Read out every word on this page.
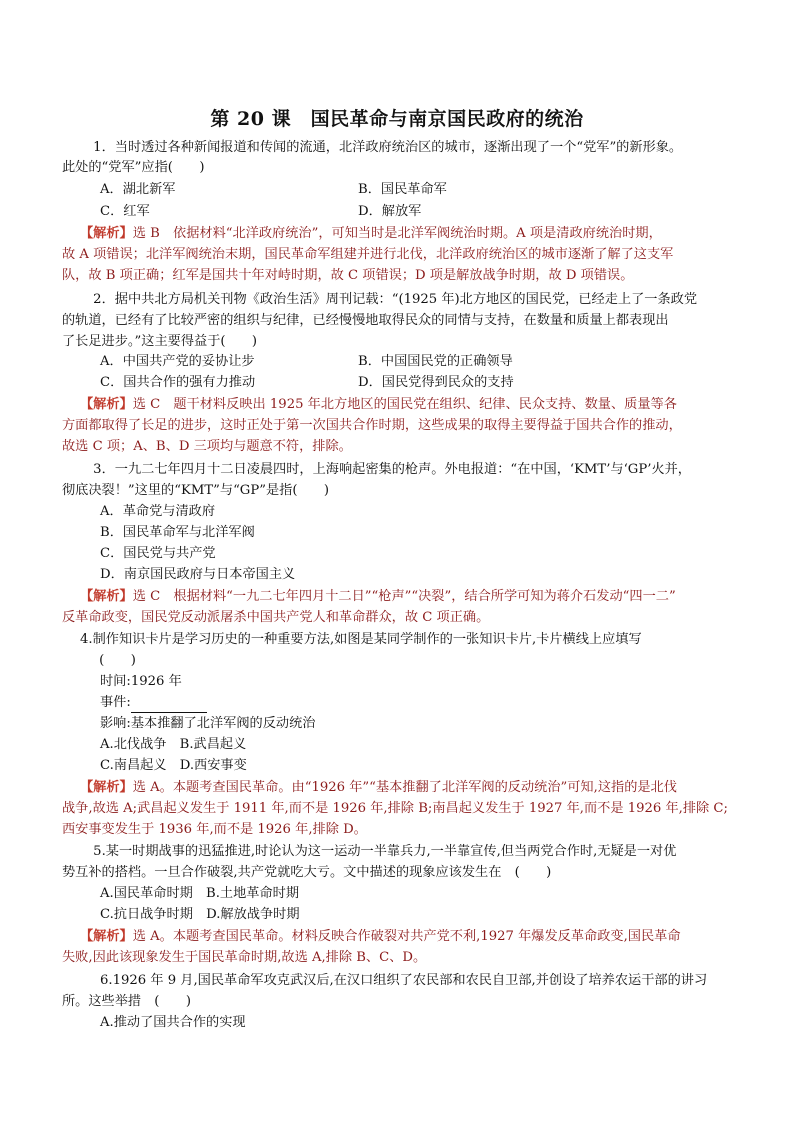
第 20 课　国民革命与南京国民政府的统治
　1．当时透过各种新闻报道和传闻的流通，北洋政府统治区的城市，逐渐出现了一个“党军”的新形象。
此处的“党军”应指(　　)
A．湖北新军	B．国民革命军
C．红军	D．解放军
【解析】选 B　依据材料“北洋政府统治”，可知当时是北洋军阀统治时期。A 项是清政府统治时期，
故 A 项错误；北洋军阀统治末期，国民革命军组建并进行北伐，北洋政府统治区的城市逐渐了解了这支军
队，故 B 项正确；红军是国共十年对峙时期，故 C 项错误；D 项是解放战争时期，故 D 项错误。
　2．据中共北方局机关刊物《政治生活》周刊记载：“(1925 年)北方地区的国民党，已经走上了一条政党
的轨道，已经有了比较严密的组织与纪律，已经慢慢地取得民众的同情与支持，在数量和质量上都表现出
了长足进步。”这主要得益于(　　)
A．中国共产党的妥协让步	B．中国国民党的正确领导
C．国共合作的强有力推动	D．国民党得到民众的支持
【解析】选 C　题干材料反映出 1925 年北方地区的国民党在组织、纪律、民众支持、数量、质量等各
方面都取得了长足的进步，这时正处于第一次国共合作时期，这些成果的取得主要得益于国共合作的推动，
故选 C 项；A、B、D 三项均与题意不符，排除。
　3．一九二七年四月十二日凌晨四时，上海响起密集的枪声。外电报道：“在中国，‘KMT’与‘GP’火并，
彻底决裂！”这里的“KMT”与“GP”是指(　　)
A．革命党与清政府
B．国民革命军与北洋军阀
C．国民党与共产党
D．南京国民政府与日本帝国主义
【解析】选 C　根据材料“一九二七年四月十二日”“枪声”“决裂”，结合所学可知为蒋介石发动“四一二”
反革命政变，国民党反动派屠杀中国共产党人和革命群众，故 C 项正确。
4.制作知识卡片是学习历史的一种重要方法,如图是某同学制作的一张知识卡片,卡片横线上应填写
　(　　)
时间:1926 年
事件:
影响:基本推翻了北洋军阀的反动统治
A.北伐战争　B.武昌起义
C.南昌起义　D.西安事变
【解析】选 A。本题考查国民革命。由“1926 年”“基本推翻了北洋军阀的反动统治”可知,这指的是北伐
战争,故选 A;武昌起义发生于 1911 年,而不是 1926 年,排除 B;南昌起义发生于 1927 年,而不是 1926 年,排除 C;
西安事变发生于 1936 年,而不是 1926 年,排除 D。
　5.某一时期战事的迅猛推进,时论认为这一运动一半靠兵力,一半靠宣传,但当两党合作时,无疑是一对优
势互补的搭档。一旦合作破裂,共产党就吃大亏。文中描述的现象应该发生在　(　　)
A.国民革命时期　B.土地革命时期
C.抗日战争时期　D.解放战争时期
【解析】选 A。本题考查国民革命。材料反映合作破裂对共产党不利,1927 年爆发反革命政变,国民革命
失败,因此该现象发生于国民革命时期,故选 A,排除 B、C、D。
6.1926 年 9 月,国民革命军攻克武汉后,在汉口组织了农民部和农民自卫部,并创设了培养农运干部的讲习
所。这些举措　(　　)
A.推动了国共合作的实现
